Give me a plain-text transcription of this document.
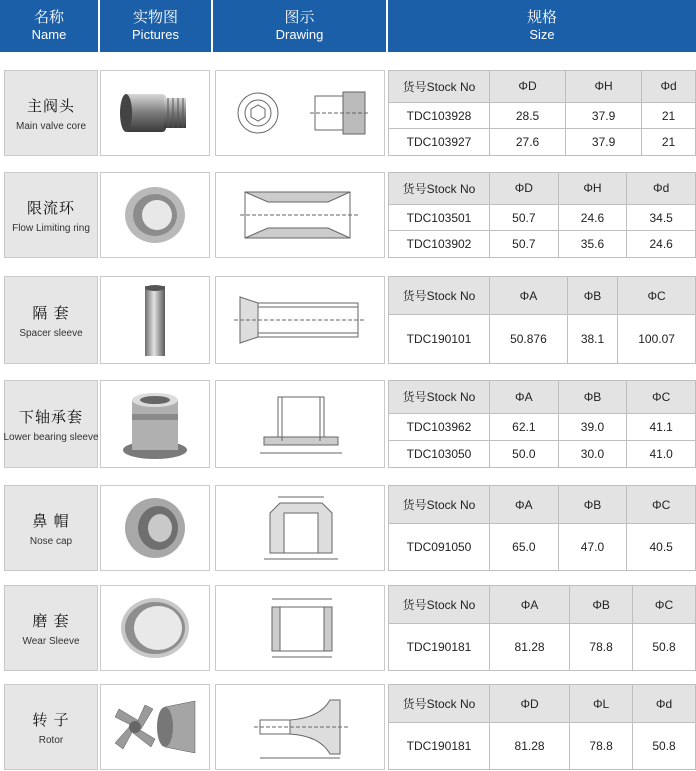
名称
Name
实物图
Pictures
图示
Drawing
规格
Size
主阀头
Main valve core
货号Stock No	ΦD	ΦH	Φd
TDC103928	28.5	37.9	21
TDC103927	27.6	37.9	21
限流环
Flow Limiting ring
货号Stock No	ΦD	ΦH	Φd
TDC103501	50.7	24.6	34.5
TDC103902	50.7	35.6	24.6
隔 套
Spacer sleeve
货号Stock No	ΦA	ΦB	ΦC
TDC190101	50.876	38.1	100.07
下轴承套
Lower bearing sleeve
货号Stock No	ΦA	ΦB	ΦC
TDC103962	62.1	39.0	41.1
TDC103050	50.0	30.0	41.0
鼻 帽
Nose cap
货号Stock No	ΦA	ΦB	ΦC
TDC091050	65.0	47.0	40.5
磨 套
Wear Sleeve
货号Stock No	ΦA	ΦB	ΦC
TDC190181	81.28	78.8	50.8
转 子
Rotor
货号Stock No	ΦD	ΦL	Φd
TDC190181	81.28	78.8	50.8
